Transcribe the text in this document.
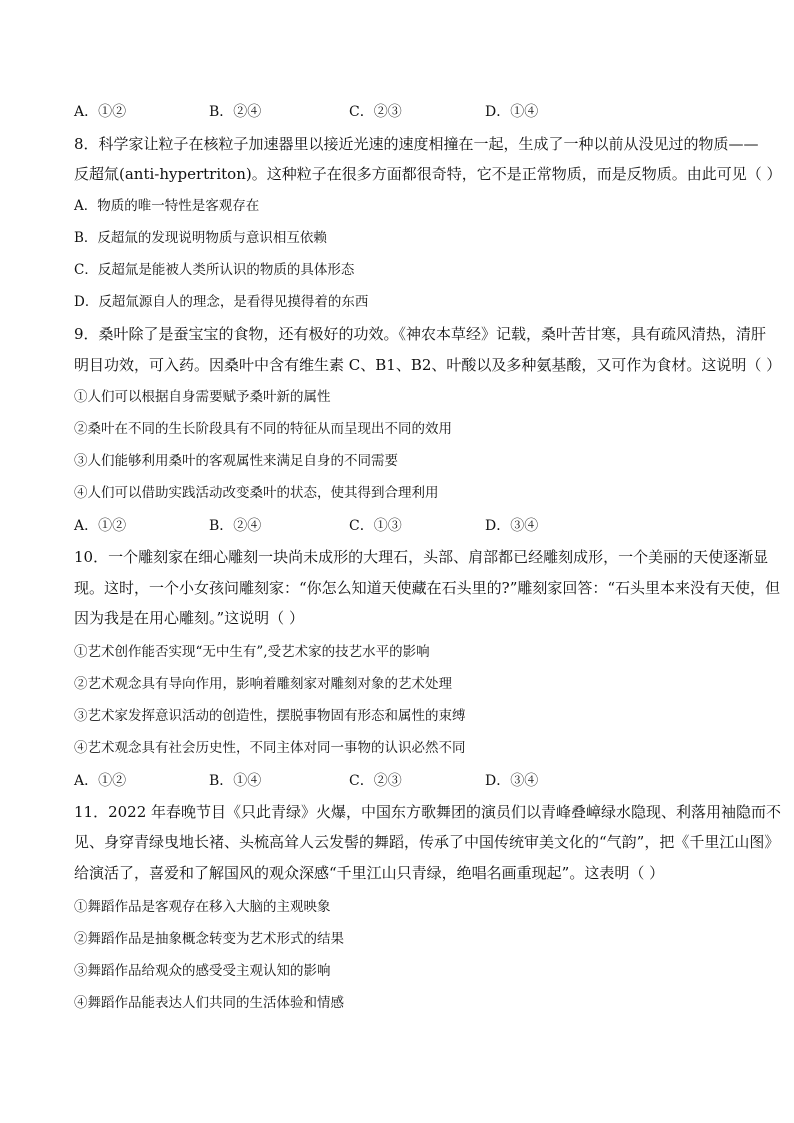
A．①②	B．②④	C．②③	D．①④
8．科学家让粒子在核粒子加速器里以接近光速的速度相撞在一起，生成了一种以前从没见过的物质——
反超氚(anti-hypertriton)。这种粒子在很多方面都很奇特，它不是正常物质，而是反物质。由此可见（ ）
A．物质的唯一特性是客观存在
B．反超氚的发现说明物质与意识相互依赖
C．反超氚是能被人类所认识的物质的具体形态
D．反超氚源自人的理念，是看得见摸得着的东西
9．桑叶除了是蚕宝宝的食物，还有极好的功效。《神农本草经》记载，桑叶苦甘寒，具有疏风清热，清肝
明目功效，可入药。因桑叶中含有维生素 C、B1、B2、叶酸以及多种氨基酸，又可作为食材。这说明（ ）
①人们可以根据自身需要赋予桑叶新的属性
②桑叶在不同的生长阶段具有不同的特征从而呈现出不同的效用
③人们能够利用桑叶的客观属性来满足自身的不同需要
④人们可以借助实践活动改变桑叶的状态，使其得到合理利用
A．①②	B．②④	C．①③	D．③④
10．一个雕刻家在细心雕刻一块尚未成形的大理石，头部、肩部都已经雕刻成形，一个美丽的天使逐渐显
现。这时，一个小女孩问雕刻家：“你怎么知道天使藏在石头里的?”雕刻家回答：“石头里本来没有天使，但
因为我是在用心雕刻。”这说明（ ）
①艺术创作能否实现“无中生有”,受艺术家的技艺水平的影响
②艺术观念具有导向作用，影响着雕刻家对雕刻对象的艺术处理
③艺术家发挥意识活动的创造性，摆脱事物固有形态和属性的束缚
④艺术观念具有社会历史性，不同主体对同一事物的认识必然不同
A．①②	B．①④	C．②③	D．③④
11．2022 年春晚节目《只此青绿》火爆，中国东方歌舞团的演员们以青峰叠嶂绿水隐现、利落用袖隐而不
见、身穿青绿曳地长褚、头梳高耸人云发髻的舞蹈，传承了中国传统审美文化的“气韵”，把《千里江山图》
给演活了，喜爱和了解国风的观众深感“千里江山只青绿，绝唱名画重现起”。这表明（ ）
①舞蹈作品是客观存在移入大脑的主观映象
②舞蹈作品是抽象概念转变为艺术形式的结果
③舞蹈作品给观众的感受受主观认知的影响
④舞蹈作品能表达人们共同的生活体验和情感
